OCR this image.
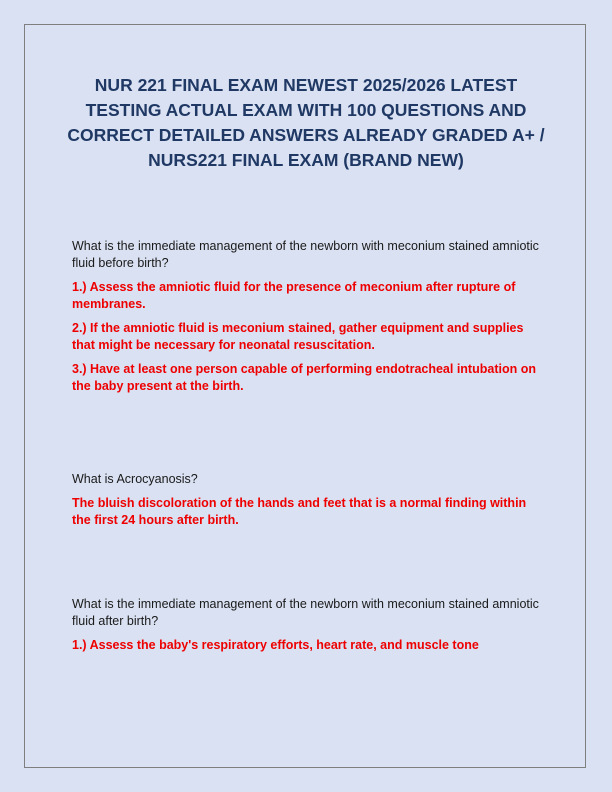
NUR 221 FINAL EXAM NEWEST 2025/2026 LATEST TESTING ACTUAL EXAM WITH 100 QUESTIONS AND CORRECT DETAILED ANSWERS ALREADY GRADED A+ / NURS221 FINAL EXAM (BRAND NEW)

What is the immediate management of the newborn with meconium stained amniotic fluid before birth?

1.) Assess the amniotic fluid for the presence of meconium after rupture of membranes.

2.) If the amniotic fluid is meconium stained, gather equipment and supplies that might be necessary for neonatal resuscitation.

3.) Have at least one person capable of performing endotracheal intubation on the baby present at the birth.

What is Acrocyanosis?

The bluish discoloration of the hands and feet that is a normal finding within the first 24 hours after birth.

What is the immediate management of the newborn with meconium stained amniotic fluid after birth?

1.) Assess the baby's respiratory efforts, heart rate, and muscle tone
